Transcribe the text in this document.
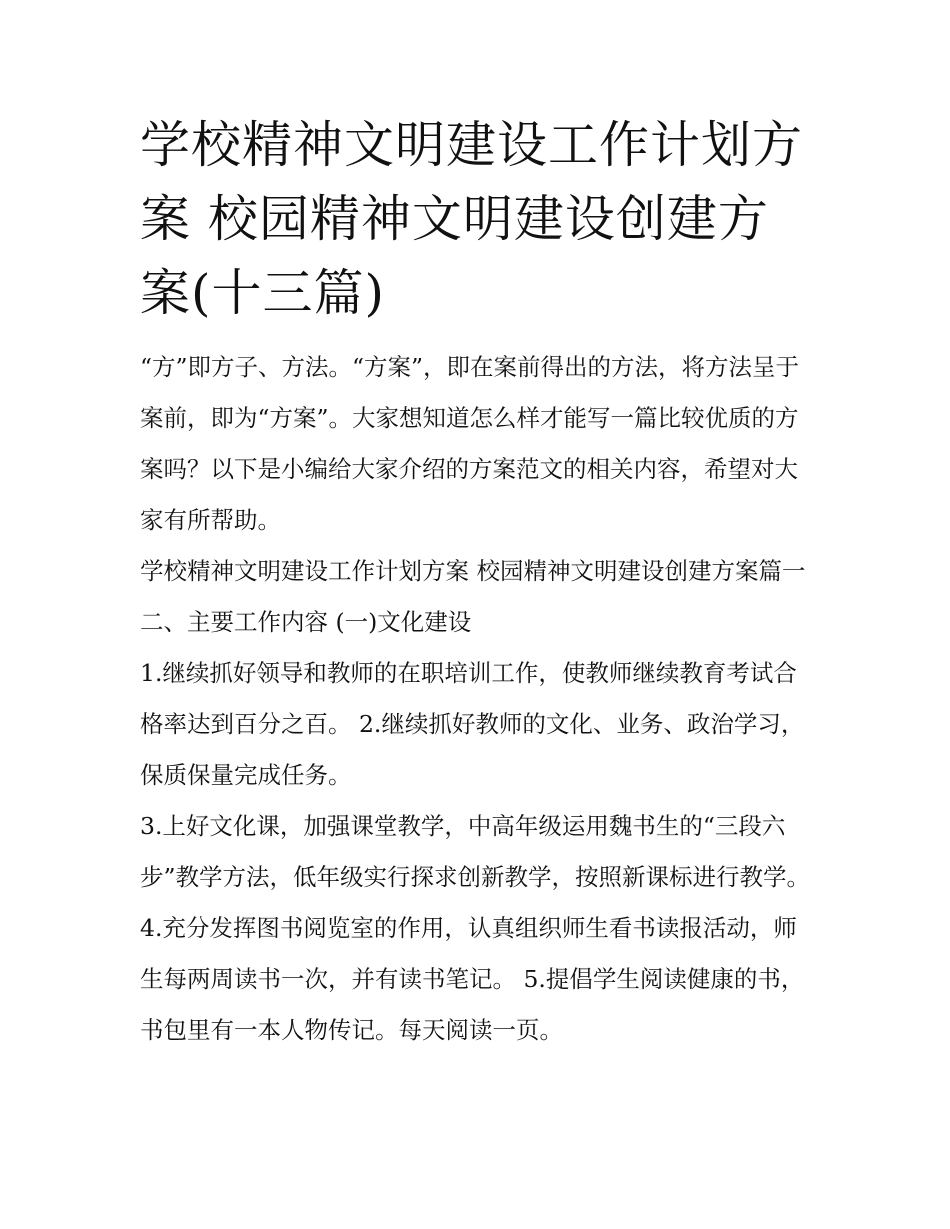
学校精神文明建设工作计划方案 校园精神文明建设创建方案(十三篇)

“方”即方子、方法。“方案”，即在案前得出的方法，将方法呈于案前，即为“方案”。大家想知道怎么样才能写一篇比较优质的方案吗？以下是小编给大家介绍的方案范文的相关内容，希望对大家有所帮助。

学校精神文明建设工作计划方案 校园精神文明建设创建方案篇一 二、主要工作内容 (一)文化建设

1.继续抓好领导和教师的在职培训工作，使教师继续教育考试合格率达到百分之百。 2.继续抓好教师的文化、业务、政治学习，保质保量完成任务。

3.上好文化课，加强课堂教学，中高年级运用魏书生的“三段六步”教学方法，低年级实行探求创新教学，按照新课标进行教学。

4.充分发挥图书阅览室的作用，认真组织师生看书读报活动，师生每两周读书一次，并有读书笔记。 5.提倡学生阅读健康的书，书包里有一本人物传记。每天阅读一页。
